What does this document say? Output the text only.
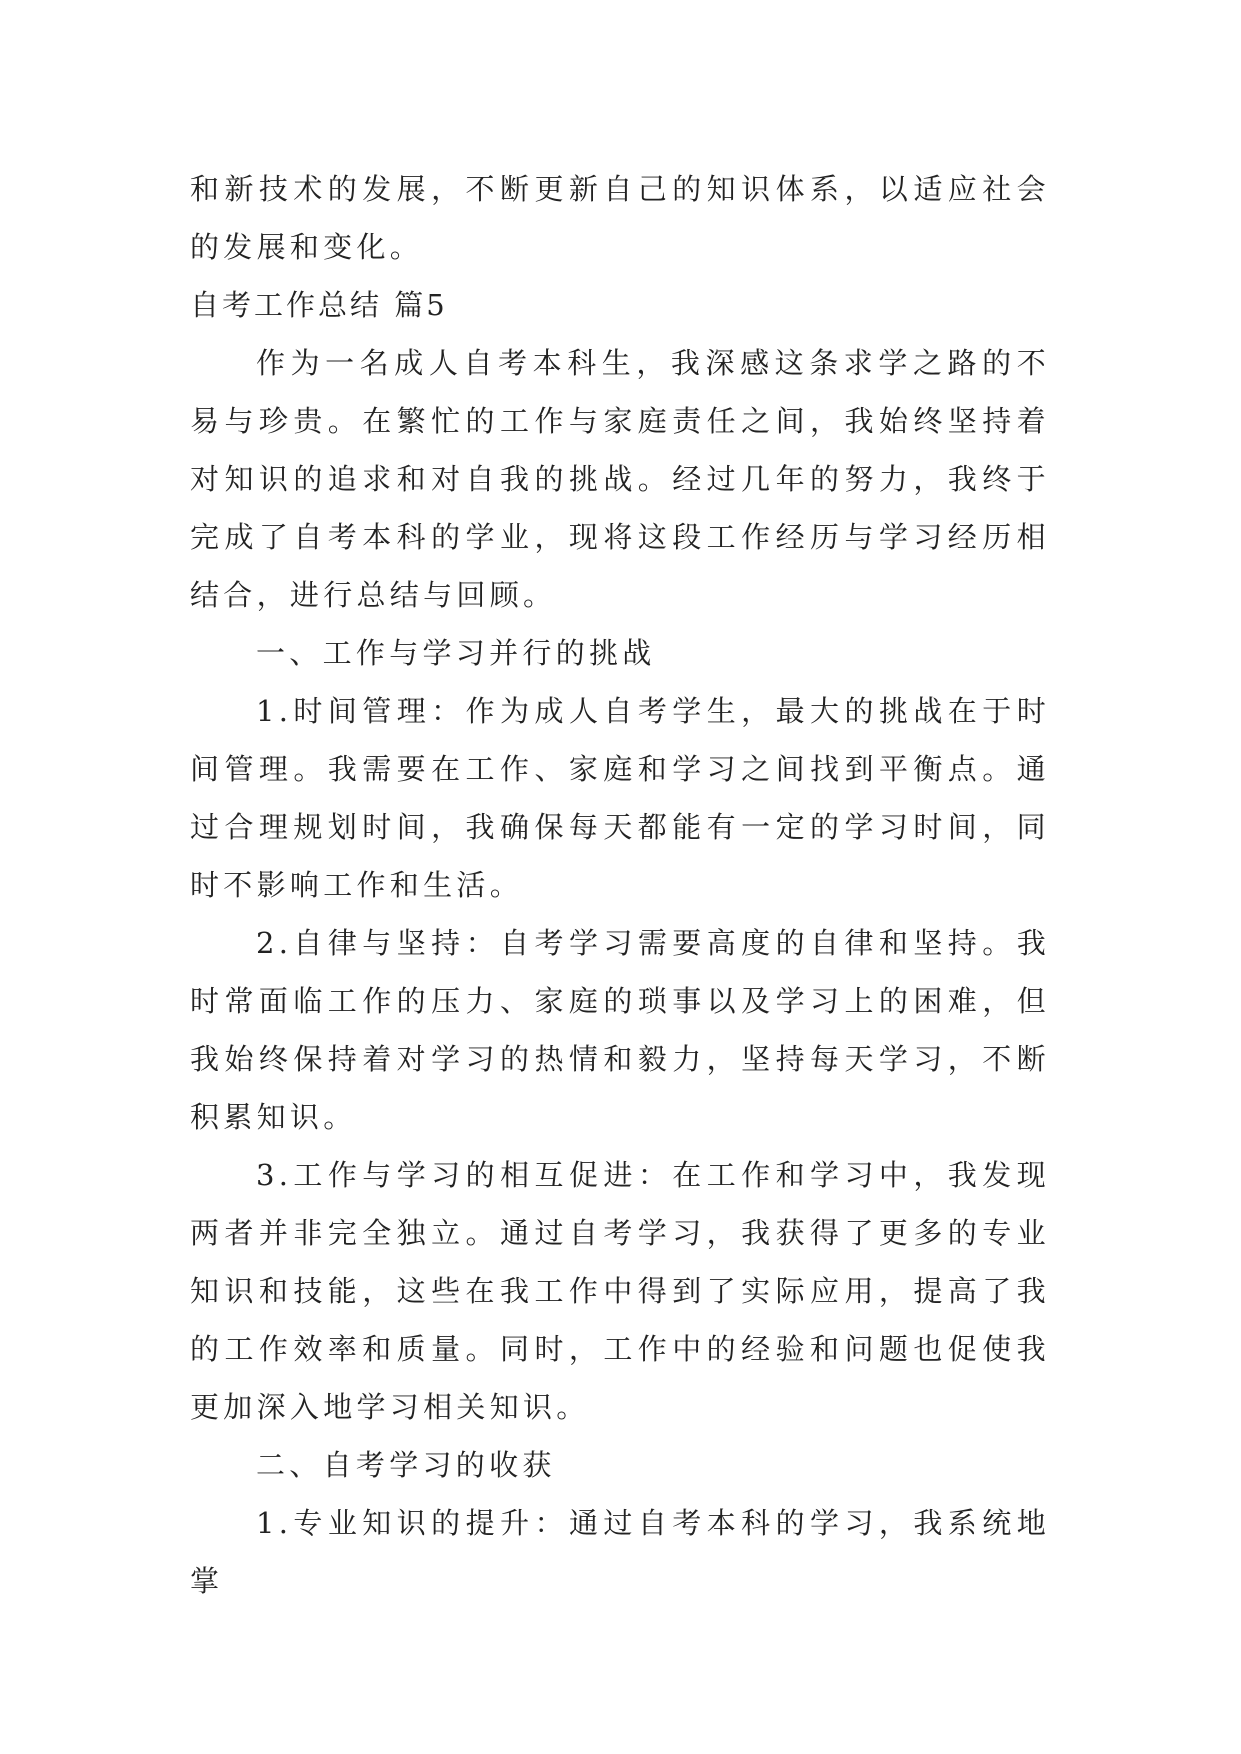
和新技术的发展，不断更新自己的知识体系，以适应社会的发展和变化。

自考工作总结 篇5

作为一名成人自考本科生，我深感这条求学之路的不易与珍贵。在繁忙的工作与家庭责任之间，我始终坚持着对知识的追求和对自我的挑战。经过几年的努力，我终于完成了自考本科的学业，现将这段工作经历与学习经历相结合，进行总结与回顾。

一、工作与学习并行的挑战

1.时间管理：作为成人自考学生，最大的挑战在于时间管理。我需要在工作、家庭和学习之间找到平衡点。通过合理规划时间，我确保每天都能有一定的学习时间，同时不影响工作和生活。

2.自律与坚持：自考学习需要高度的自律和坚持。我时常面临工作的压力、家庭的琐事以及学习上的困难，但我始终保持着对学习的热情和毅力，坚持每天学习，不断积累知识。

3.工作与学习的相互促进：在工作和学习中，我发现两者并非完全独立。通过自考学习，我获得了更多的专业知识和技能，这些在我工作中得到了实际应用，提高了我的工作效率和质量。同时，工作中的经验和问题也促使我更加深入地学习相关知识。

二、自考学习的收获

1.专业知识的提升：通过自考本科的学习，我系统地掌
